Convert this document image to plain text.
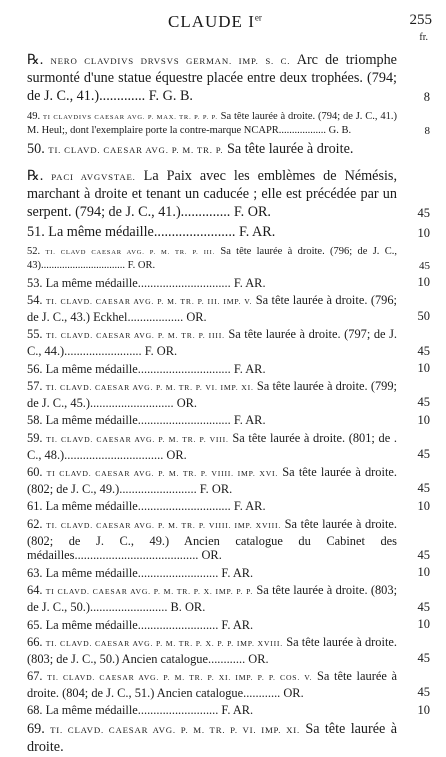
CLAUDE Ier	255
fr.
℞. NERO CLAVDIVS DRVSVS GERMAN. IMP. S. C. Arc de triomphe surmonté d'une statue équestre placée entre deux trophées. (794; de J. C., 41.)............. F. G. B.	8
49. TI CLAVDIVS CAESAR AVG. P. MAX. TR. P. P. P. Sa tête laurée à droite. (794; de J. C., 41.) M. Heul;, dont l'exemplaire porte la contre-marque NCAPR.................. G. B.	8
50. TI. CLAVD. CAESAR AVG. P. M. TR. P. Sa tête laurée à droite.
℞. PACI AVGVSTAE. La Paix avec les emblèmes de Némésis, marchant à droite et tenant un caducée ; elle est précédée par un serpent. (794; de J. C., 41.).............. F. OR.	45
51. La même médaille....................... F. AR.	10
52. TI. CLAVD CAESAR AVG. P. M. TR. P. III. Sa tête laurée à droite. (796; de J. C., 43)................................ F. OR.	45
53. La même médaille.............................. F. AR.	10
54. TI. CLAVD. CAESAR AVG. P. M. TR. P. III. IMP. V. Sa tête laurée à droite. (796; de J. C., 43.) Eckhel.................. OR.	50
55. TI. CLAVD. CAESAR AVG. P. M. TR. P. IIII. Sa tête laurée à droite. (797; de J. C., 44.)......................... F. OR.	45
56. La même médaille.............................. F. AR.	10
57. TI. CLAVD. CAESAR AVG. P. M. TR. P. VI. IMP. XI. Sa tête laurée à droite. (799; de J. C., 45.)........................... OR.	45
58. La même médaille.............................. F. AR.	10
59. TI. CLAVD. CAESAR AVG. P. M. TR. P. VIII. Sa tête laurée à droite. (801; de . C., 48.)................................ OR.	45
60. TI CLAVD. CAESAR AVG. P. M. TR. P. VIIII. IMP. XVI. Sa tête laurée à droite. (802; de J. C., 49.)......................... F. OR.	45
61. La même médaille.............................. F. AR.	10
62. TI. CLAVD. CAESAR AVG. P. M. TR. P. VIIII. IMP. XVIII. Sa tête laurée à droite. (802; de J. C., 49.) Ancien catalogue du Cabinet des médailles........................................ OR.	45
63. La même médaille.......................... F. AR.	10
64. TI CLAVD. CAESAR AVG. P. M. TR. P. X. IMP. P. P. Sa tête laurée à droite. (803; de J. C., 50.)......................... B. OR.	45
65. La même médaille.......................... F. AR.	10
66. TI. CLAVD. CAESAR AVG. P. M. TR. P. X. P. P. IMP. XVIII. Sa tête laurée à droite. (803; de J. C., 50.) Ancien catalogue............ OR.	45
67. TI. CLAVD. CAESAR AVG. P. M. TR. P. XI. IMP. P. P. COS. V. Sa tête laurée à droite. (804; de J. C., 51.) Ancien catalogue............ OR.	45
68. La même médaille.......................... F. AR.	10
69. TI. CLAVD. CAESAR AVG. P. M. TR. P. VI. IMP. XI. Sa tête laurée à droite.
